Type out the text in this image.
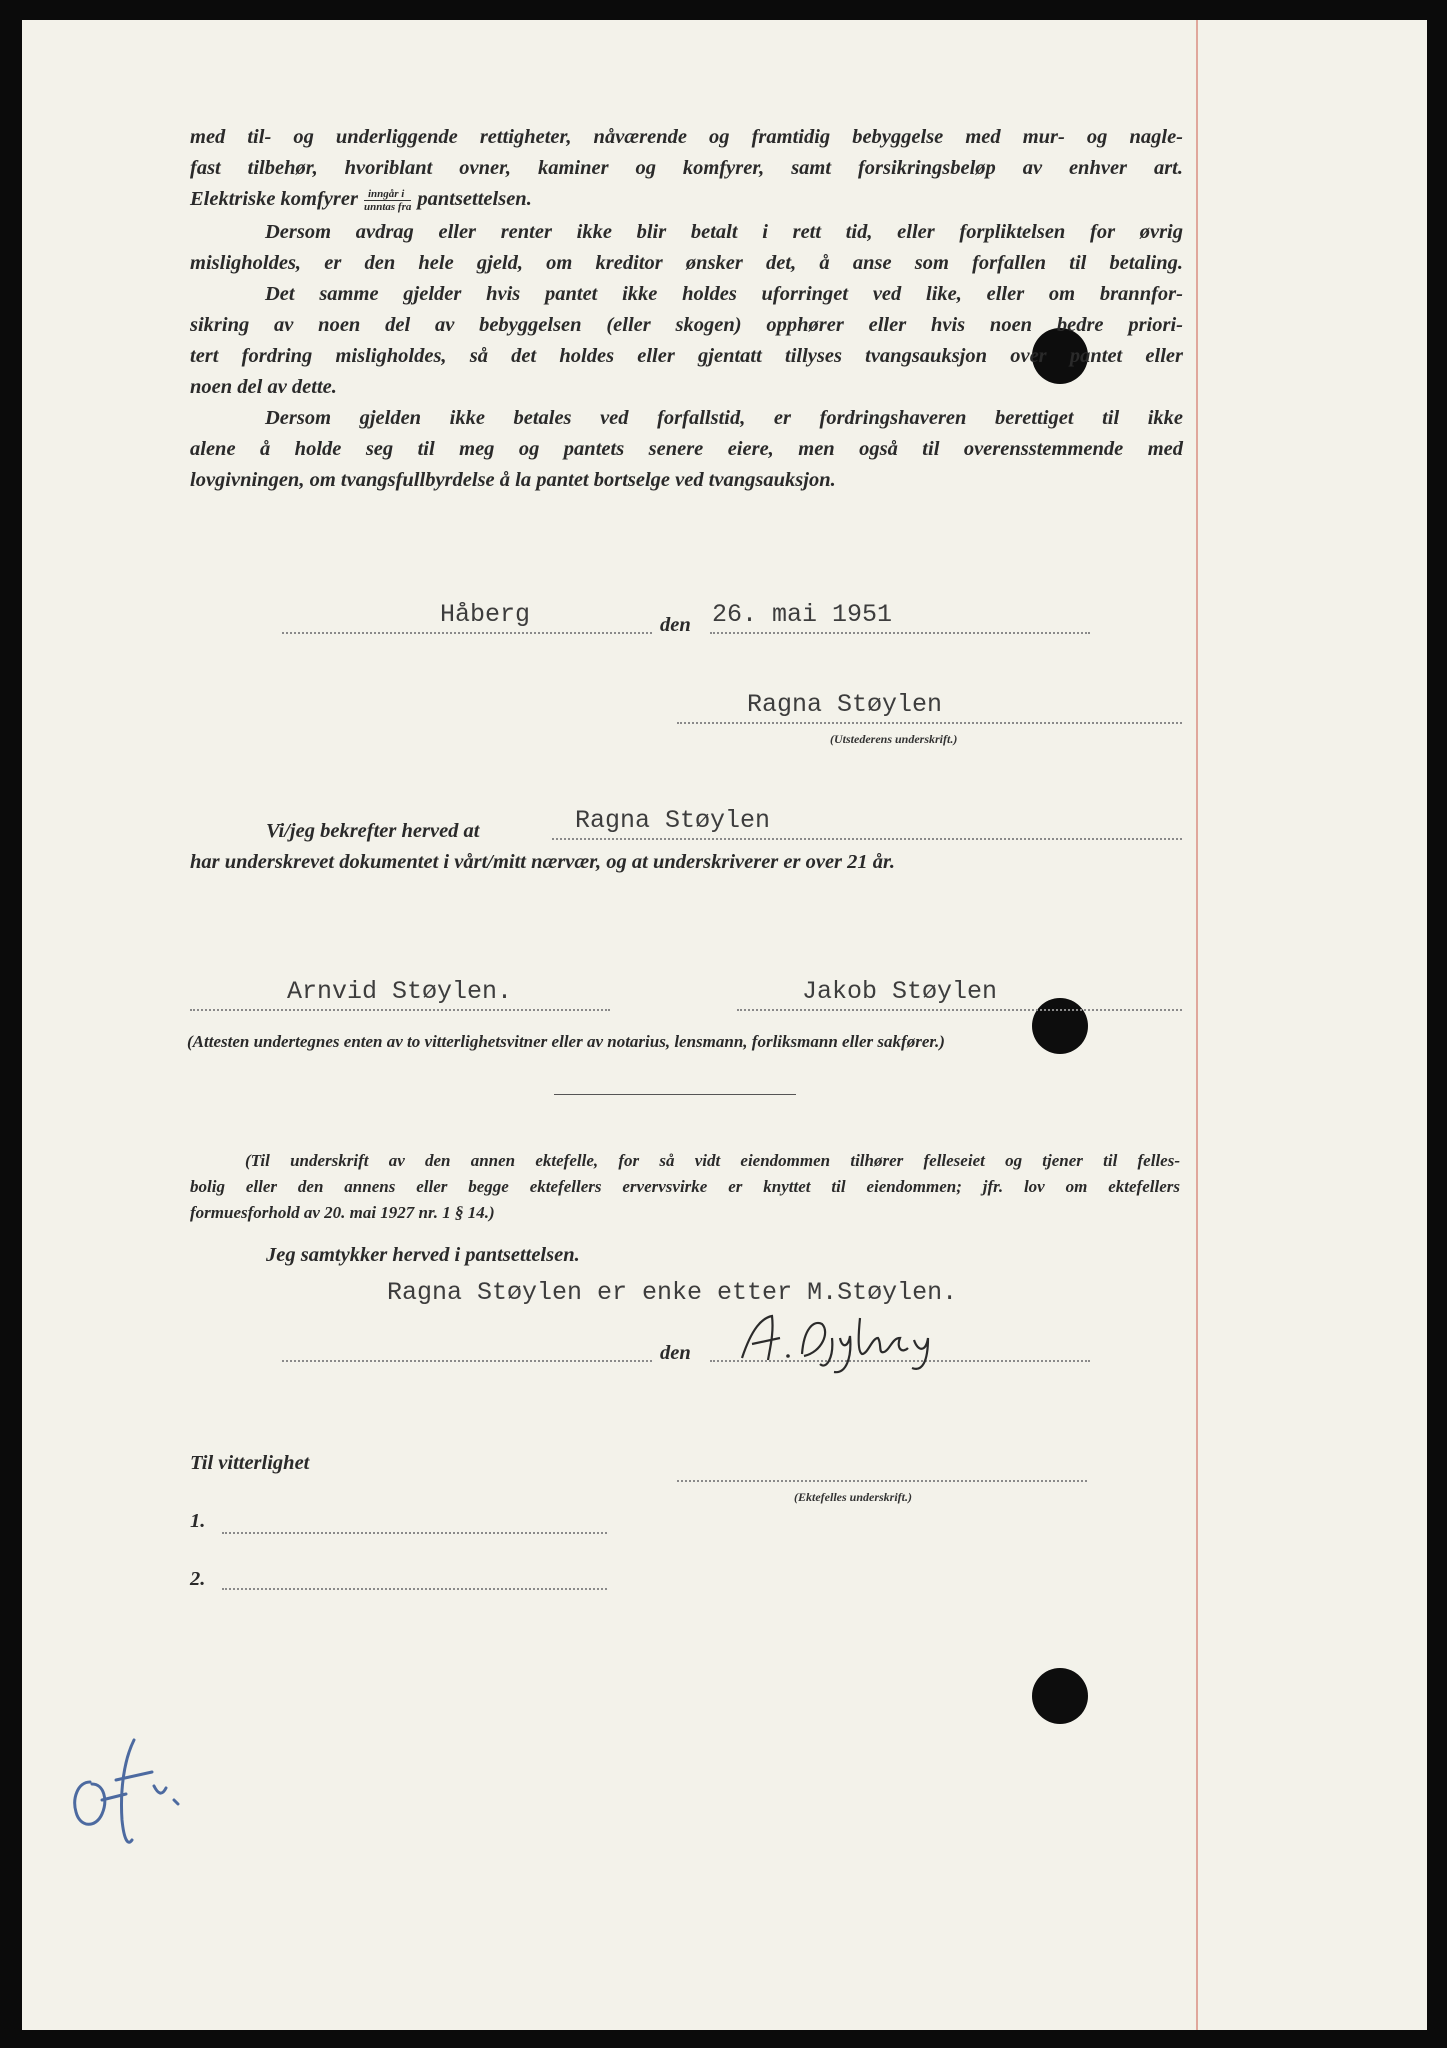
med til- og underliggende rettigheter, nåværende og framtidig bebyggelse med mur- og nagle-
fast tilbehør, hvoriblant ovner, kaminer og komfyrer, samt forsikringsbeløp av enhver art.
Elektriske komfyrer $\frac{\text{inngår i}}{\text{unntas fra}}$ pantsettelsen.
Dersom avdrag eller renter ikke blir betalt i rett tid, eller forpliktelsen for øvrig
misligholdes, er den hele gjeld, om kreditor ønsker det, å anse som forfallen til betaling.
Det samme gjelder hvis pantet ikke holdes uforringet ved like, eller om brannfor-
sikring av noen del av bebyggelsen (eller skogen) opphører eller hvis noen bedre priori-
tert fordring misligholdes, så det holdes eller gjentatt tillyses tvangsauksjon over pantet eller
noen del av dette.
Dersom gjelden ikke betales ved forfallstid, er fordringshaveren berettiget til ikke
alene å holde seg til meg og pantets senere eiere, men også til overensstemmende med
lovgivningen, om tvangsfullbyrdelse å la pantet bortselge ved tvangsauksjon.
Håberg	den 26. mai 1951
Ragna Støylen
(Utstederens underskrift.)
Vi/jeg bekrefter herved at	Ragna Støylen
har underskrevet dokumentet i vårt/mitt nærvær, og at underskriverer er over 21 år.
Arnvid Støylen.	Jakob Støylen
(Attesten undertegnes enten av to vitterlighetsvitner eller av notarius, lensmann, forliksmann eller sakfører.)
(Til underskrift av den annen ektefelle, for så vidt eiendommen tilhører felleseiet og tjener til felles-
bolig eller den annens eller begge ektefellers ervervsvirke er knyttet til eiendommen; jfr. lov om ektefellers
formuesforhold av 20. mai 1927 nr. 1 § 14.)
Jeg samtykker herved i pantsettelsen.
Ragna Støylen er enke etter M.Støylen.
den
(Ektefelles underskrift.)
Til vitterlighet
1.
2.
